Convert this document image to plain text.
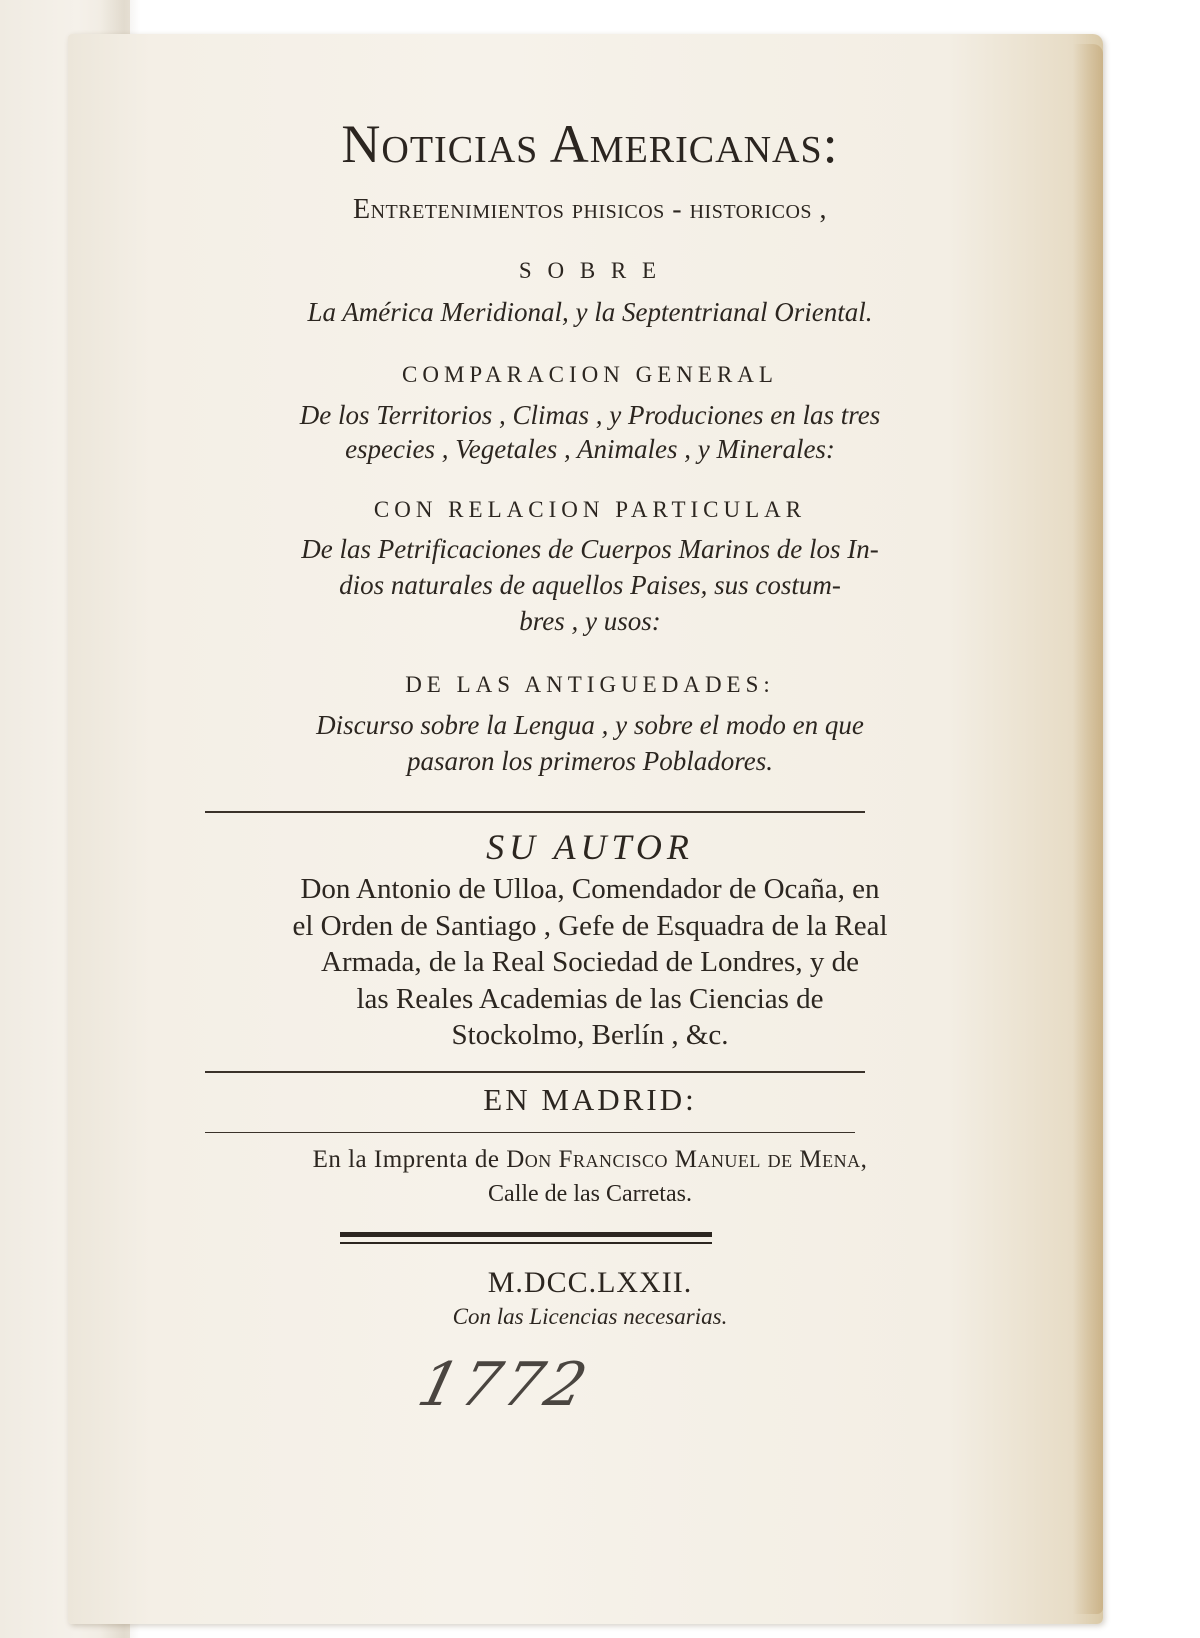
Noticias Americanas:
Entretenimientos phisicos - historicos ,
S O B R E
La América Meridional, y la Septentrianal Oriental.
COMPARACION GENERAL
De los Territorios , Climas , y Produciones en las tres
especies , Vegetales , Animales , y Minerales:
CON RELACION PARTICULAR
De las Petrificaciones de Cuerpos Marinos de los In-
dios naturales de aquellos Paises, sus costum-
bres , y usos:
DE LAS ANTIGUEDADES:
Discurso sobre la Lengua , y sobre el modo en que
pasaron los primeros Pobladores.
SU AUTOR
Don Antonio de Ulloa, Comendador de Ocaña, en
el Orden de Santiago , Gefe de Esquadra de la Real
Armada, de la Real Sociedad de Londres, y de
las Reales Academias de las Ciencias de
Stockolmo, Berlín , &c.
EN MADRID:
En la Imprenta de Don Francisco Manuel de Mena,
Calle de las Carretas.
M.DCC.LXXII.
Con las Licencias necesarias.
1772
